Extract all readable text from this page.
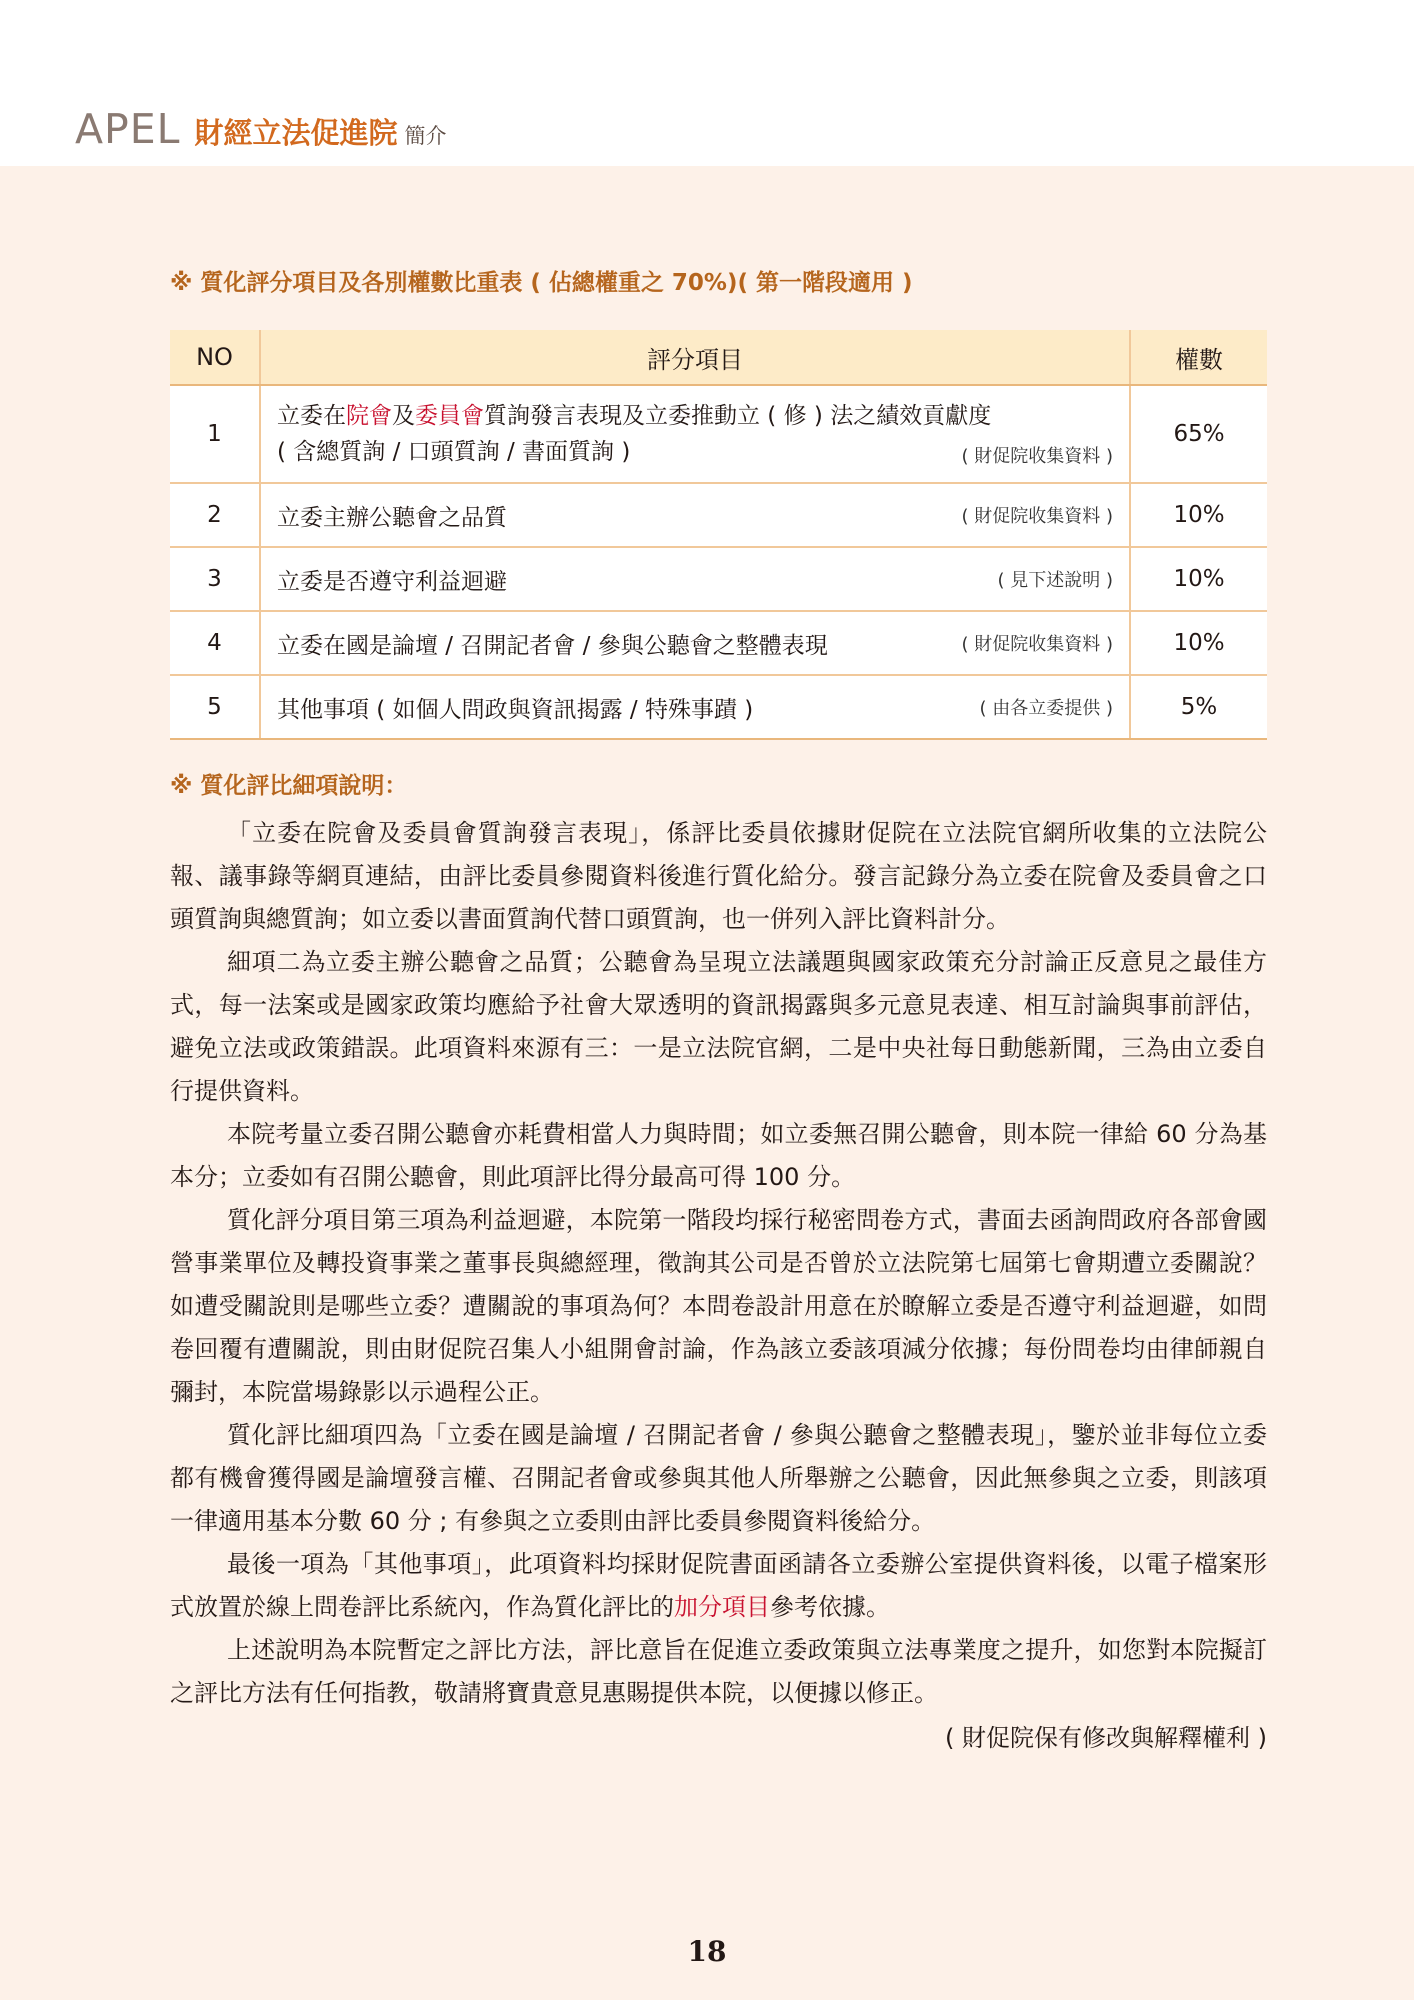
APEL 財經立法促進院 簡介
※ 質化評分項目及各別權數比重表 ( 佔總權重之 70%)( 第一階段適用 )
NO	評分項目	權數
1	立委在院會及委員會質詢發言表現及立委推動立 ( 修 ) 法之績效貢獻度
( 含總質詢 / 口頭質詢 / 書面質詢 ) ( 財促院收集資料 )	65%
2	立委主辦公聽會之品質 ( 財促院收集資料 )	10%
3	立委是否遵守利益迴避 ( 見下述說明 )	10%
4	立委在國是論壇 / 召開記者會 / 參與公聽會之整體表現 ( 財促院收集資料 )	10%
5	其他事項 ( 如個人問政與資訊揭露 / 特殊事蹟 ) ( 由各立委提供 )	5%
※ 質化評比細項說明：

「立委在院會及委員會質詢發言表現」，係評比委員依據財促院在立法院官網所收集的立法院公報、議事錄等網頁連結，由評比委員參閱資料後進行質化給分。發言記錄分為立委在院會及委員會之口頭質詢與總質詢；如立委以書面質詢代替口頭質詢，也一併列入評比資料計分。

細項二為立委主辦公聽會之品質；公聽會為呈現立法議題與國家政策充分討論正反意見之最佳方式，每一法案或是國家政策均應給予社會大眾透明的資訊揭露與多元意見表達、相互討論與事前評估，避免立法或政策錯誤。此項資料來源有三：一是立法院官網，二是中央社每日動態新聞，三為由立委自行提供資料。

本院考量立委召開公聽會亦耗費相當人力與時間；如立委無召開公聽會，則本院一律給 60 分為基本分；立委如有召開公聽會，則此項評比得分最高可得 100 分。

質化評分項目第三項為利益迴避，本院第一階段均採行秘密問卷方式，書面去函詢問政府各部會國營事業單位及轉投資事業之董事長與總經理，徵詢其公司是否曾於立法院第七屆第七會期遭立委關說？如遭受關說則是哪些立委？遭關說的事項為何？本問卷設計用意在於瞭解立委是否遵守利益迴避，如問卷回覆有遭關說，則由財促院召集人小組開會討論，作為該立委該項減分依據；每份問卷均由律師親自彌封，本院當場錄影以示過程公正。

質化評比細項四為「立委在國是論壇 / 召開記者會 / 參與公聽會之整體表現」，鑒於並非每位立委都有機會獲得國是論壇發言權、召開記者會或參與其他人所舉辦之公聽會，因此無參與之立委，則該項一律適用基本分數 60 分 ; 有參與之立委則由評比委員參閱資料後給分。

最後一項為「其他事項」，此項資料均採財促院書面函請各立委辦公室提供資料後，以電子檔案形式放置於線上問卷評比系統內，作為質化評比的加分項目參考依據。

上述說明為本院暫定之評比方法，評比意旨在促進立委政策與立法專業度之提升，如您對本院擬訂之評比方法有任何指教，敬請將寶貴意見惠賜提供本院，以便據以修正。

( 財促院保有修改與解釋權利 )
18
